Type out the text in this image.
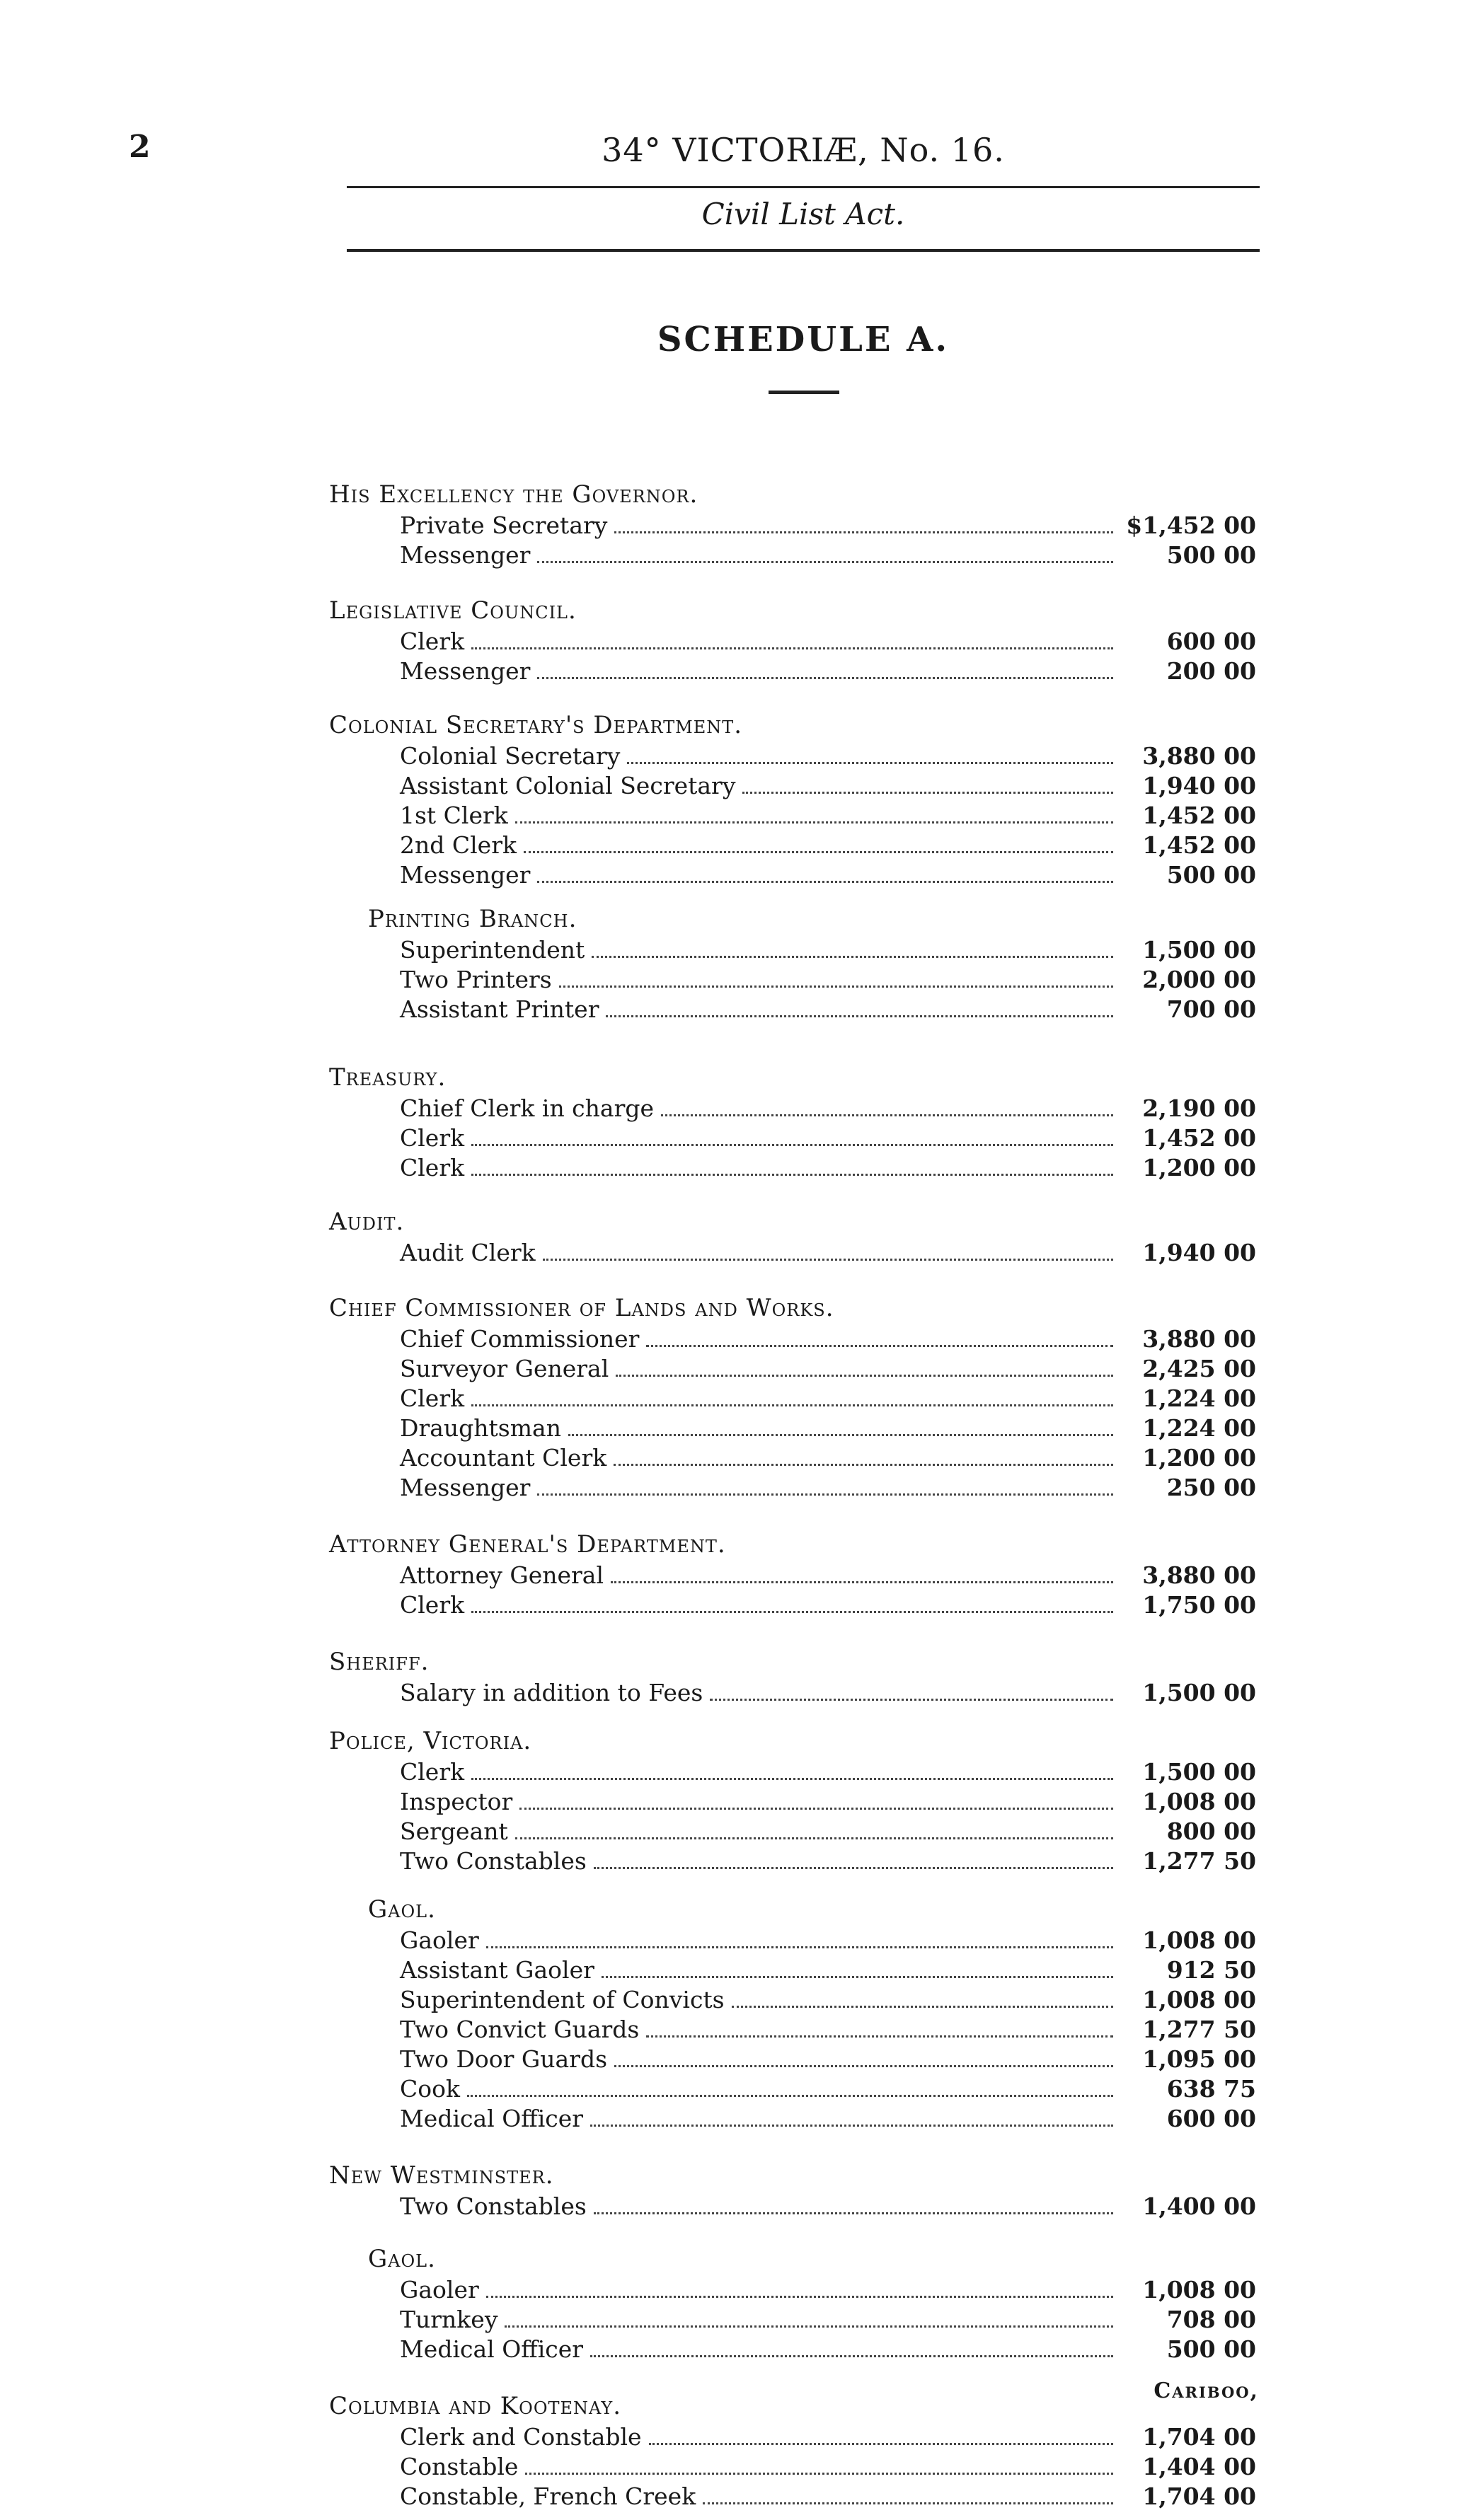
2	34° VICTORIÆ, No. 16.
Civil List Act.
SCHEDULE A.
His Excellency the Governor.
Private Secretary	$1,452 00
Messenger	500 00
Legislative Council.
Clerk	600 00
Messenger	200 00
Colonial Secretary's Department.
Colonial Secretary	3,880 00
Assistant Colonial Secretary	1,940 00
1st Clerk	1,452 00
2nd Clerk	1,452 00
Messenger	500 00
Printing Branch.
Superintendent	1,500 00
Two Printers	2,000 00
Assistant Printer	700 00
Treasury.
Chief Clerk in charge	2,190 00
Clerk	1,452 00
Clerk	1,200 00
Audit.
Audit Clerk	1,940 00
Chief Commissioner of Lands and Works.
Chief Commissioner	3,880 00
Surveyor General	2,425 00
Clerk	1,224 00
Draughtsman	1,224 00
Accountant Clerk	1,200 00
Messenger	250 00
Attorney General's Department.
Attorney General	3,880 00
Clerk	1,750 00
Sheriff.
Salary in addition to Fees	1,500 00
Police, Victoria.
Clerk	1,500 00
Inspector	1,008 00
Sergeant	800 00
Two Constables	1,277 50
Gaol.
Gaoler	1,008 00
Assistant Gaoler	912 50
Superintendent of Convicts	1,008 00
Two Convict Guards	1,277 50
Two Door Guards	1,095 00
Cook	638 75
Medical Officer	600 00
New Westminster.
Two Constables	1,400 00
Gaol.
Gaoler	1,008 00
Turnkey	708 00
Medical Officer	500 00
Columbia and Kootenay.
Clerk and Constable	1,704 00
Constable	1,404 00
Constable, French Creek	1,704 00
Cariboo,
